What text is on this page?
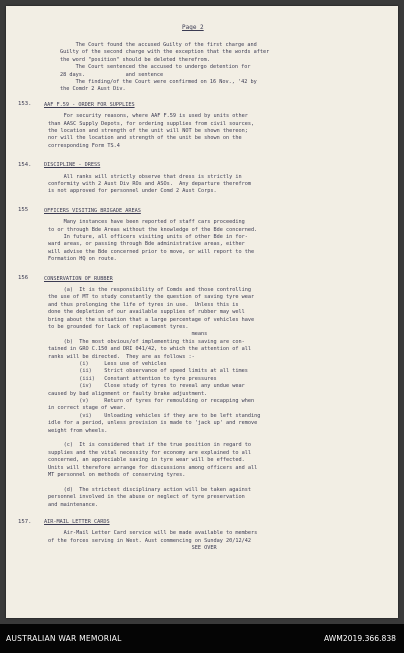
Page 2
The Court found the accused Guilty of the first charge and
Guilty of the second charge with the exception that the words after
the word "position" should be deleted therefrom.
The Court sentenced the accused to undergo detention for
28 days.             and sentence
The finding/of the Court were confirmed on 16 Nov., '42 by
the Comdr 2 Aust Div.
153. AAF F.59 - ORDER FOR SUPPLIES
For security reasons, where AAF F.59 is used by units other
than AASC Supply Depots, for ordering supplies from civil sources,
the location and strength of the unit will NOT be shown thereon;
nor will the location and strength of the unit be shown on the
corresponding Form TS.4
154. DISCIPLINE - DRESS
All ranks will strictly observe that dress is strictly in
conformity with 2 Aust Div ROs and ASOs.  Any departure therefrom
is not approved for personnel under Comd 2 Aust Corps.
155	OFFICERS VISITING BRIGADE AREAS
Many instances have been reported of staff cars proceeding
to or through Bde Areas without the knowledge of the Bde concerned.
In future, all officers visiting units of other Bde in for-
ward areas, or passing through Bde administrative areas, either
will advise the Bde concerned prior to move, or will report to the
Formation HQ on route.
156	CONSERVATION OF RUBBER
(a)  It is the responsibility of Comds and those controlling
the use of MT to study constantly the question of saving tyre wear
and thus prolonging the life of tyres in use.  Unless this is
done the depletion of our available supplies of rubber may well
bring about the situation that a large percentage of vehicles have
to be grounded for lack of replacement tyres.
means
(b)  The most obvious/of implementing this saving are con-
tained in GRO C.150 and DRI 041/42, to which the attention of all
ranks will be directed.  They are as follows :-
(i)     Less use of vehicles
(ii)    Strict observance of speed limits at all times
(iii)   Constant attention to tyre pressures
(iv)    Close study of tyres to reveal any undue wear
caused by bad alignment or faulty brake adjustment.
(v)     Return of tyres for remoulding or recapping when
in correct stage of wear.
(vi)    Unloading vehicles if they are to be left standing
idle for a period, unless provision is made to 'jack up' and remove
weight from wheels.
(c)  It is considered that if the true position in regard to
supplies and the vital necessity for economy are explained to all
concerned, an appreciable saving in tyre wear will be effected.
Units will therefore arrange for discussions among officers and all
MT personnel on methods of conserving tyres.
(d)  The strictest disciplinary action will be taken against
personnel involved in the abuse or neglect of tyre preservation
and maintenance.
157. AIR-MAIL LETTER CARDS
Air-Mail Letter Card service will be made available to members
of the forces serving in West. Aust commencing on Sunday 20/12/42
SEE OVER
AUSTRALIAN WAR MEMORIAL	AWM2019.366.838
